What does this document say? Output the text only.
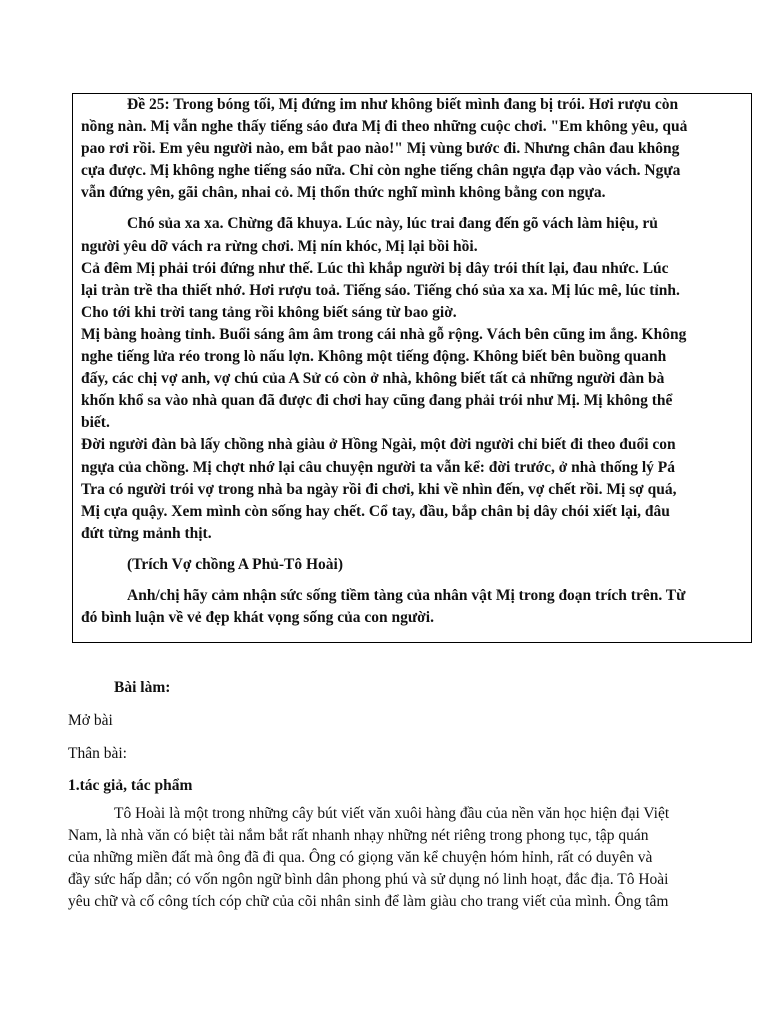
Đề 25: Trong bóng tối, Mị đứng im như không biết mình đang bị trói. Hơi rượu còn
nồng nàn. Mị vẫn nghe thấy tiếng sáo đưa Mị đi theo những cuộc chơi. "Em không yêu, quả
pao rơi rồi. Em yêu người nào, em bắt pao nào!" Mị vùng bước đi. Nhưng chân đau không
cựa được. Mị không nghe tiếng sáo nữa. Chỉ còn nghe tiếng chân ngựa đạp vào vách. Ngựa
vẫn đứng yên, gãi chân, nhai cỏ. Mị thổn thức nghĩ mình không bằng con ngựa.

Chó sủa xa xa. Chừng đã khuya. Lúc này, lúc trai đang đến gõ vách làm hiệu, rủ
người yêu dỡ vách ra rừng chơi. Mị nín khóc, Mị lại bồi hồi.
Cả đêm Mị phải trói đứng như thế. Lúc thì khắp người bị dây trói thít lại, đau nhức. Lúc
lại tràn trề tha thiết nhớ. Hơi rượu toả. Tiếng sáo. Tiếng chó sủa xa xa. Mị lúc mê, lúc tỉnh.
Cho tới khi trời tang tảng rồi không biết sáng từ bao giờ.
Mị bàng hoàng tỉnh. Buổi sáng âm âm trong cái nhà gỗ rộng. Vách bên cũng im ắng. Không
nghe tiếng lửa réo trong lò nấu lợn. Không một tiếng động. Không biết bên buồng quanh
đấy, các chị vợ anh, vợ chú của A Sử có còn ở nhà, không biết tất cả những người đàn bà
khốn khổ sa vào nhà quan đã được đi chơi hay cũng đang phải trói như Mị. Mị không thể
biết.
Đời người đàn bà lấy chồng nhà giàu ở Hồng Ngài, một đời người chỉ biết đi theo đuổi con
ngựa của chồng. Mị chợt nhớ lại câu chuyện người ta vẫn kể: đời trước, ở nhà thống lý Pá
Tra có người trói vợ trong nhà ba ngày rồi đi chơi, khi về nhìn đến, vợ chết rồi. Mị sợ quá,
Mị cựa quậy. Xem mình còn sống hay chết. Cổ tay, đầu, bắp chân bị dây chói xiết lại, đâu
đứt từng mảnh thịt.

(Trích Vợ chồng A Phủ-Tô Hoài)

Anh/chị hãy cảm nhận sức sống tiềm tàng của nhân vật Mị trong đoạn trích trên. Từ
đó bình luận về vẻ đẹp khát vọng sống của con người.

Bài làm:
Mở bài
Thân bài:
1.tác giả, tác phẩm

Tô Hoài là một trong những cây bút viết văn xuôi hàng đầu của nền văn học hiện đại Việt
Nam, là nhà văn có biệt tài nắm bắt rất nhanh nhạy những nét riêng trong phong tục, tập quán
của những miền đất mà ông đã đi qua. Ông có giọng văn kể chuyện hóm hỉnh, rất có duyên và
đầy sức hấp dẫn; có vốn ngôn ngữ bình dân phong phú và sử dụng nó linh hoạt, đắc địa. Tô Hoài
yêu chữ và cố công tích cóp chữ của cõi nhân sinh để làm giàu cho trang viết của mình. Ông tâm
